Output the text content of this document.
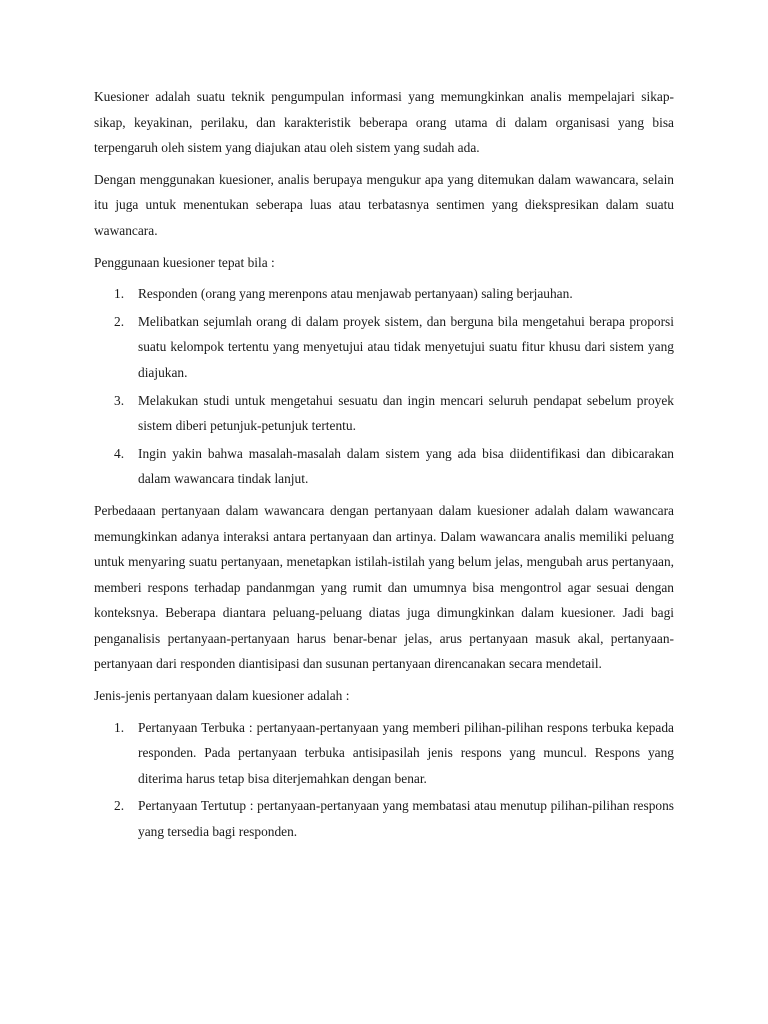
Kuesioner adalah suatu teknik pengumpulan informasi yang memungkinkan analis mempelajari sikap-sikap, keyakinan, perilaku, dan karakteristik beberapa orang utama di dalam organisasi yang bisa terpengaruh oleh sistem yang diajukan atau oleh sistem yang sudah ada.

Dengan menggunakan kuesioner, analis berupaya mengukur apa yang ditemukan dalam wawancara, selain itu juga untuk menentukan seberapa luas atau terbatasnya sentimen yang diekspresikan dalam suatu wawancara.

Penggunaan kuesioner tepat bila :

1. Responden (orang yang merenpons atau menjawab pertanyaan) saling berjauhan.
2. Melibatkan sejumlah orang di dalam proyek sistem, dan berguna bila mengetahui berapa proporsi suatu kelompok tertentu yang menyetujui atau tidak menyetujui suatu fitur khusu dari sistem yang diajukan.
3. Melakukan studi untuk mengetahui sesuatu dan ingin mencari seluruh pendapat sebelum proyek sistem diberi petunjuk-petunjuk tertentu.
4. Ingin yakin bahwa masalah-masalah dalam sistem yang ada bisa diidentifikasi dan dibicarakan dalam wawancara tindak lanjut.

Perbedaaan pertanyaan dalam wawancara dengan pertanyaan dalam kuesioner adalah dalam wawancara memungkinkan adanya interaksi antara pertanyaan dan artinya. Dalam wawancara analis memiliki peluang untuk menyaring suatu pertanyaan, menetapkan istilah-istilah yang belum jelas, mengubah arus pertanyaan, memberi respons terhadap pandanmgan yang rumit dan umumnya bisa mengontrol agar sesuai dengan konteksnya. Beberapa diantara peluang-peluang diatas juga dimungkinkan dalam kuesioner. Jadi bagi penganalisis pertanyaan-pertanyaan harus benar-benar jelas, arus pertanyaan masuk akal, pertanyaan-pertanyaan dari responden diantisipasi dan susunan pertanyaan direncanakan secara mendetail.

Jenis-jenis pertanyaan dalam kuesioner adalah :

1. Pertanyaan Terbuka : pertanyaan-pertanyaan yang memberi pilihan-pilihan respons terbuka kepada responden. Pada pertanyaan terbuka antisipasilah jenis respons yang muncul. Respons yang diterima harus tetap bisa diterjemahkan dengan benar.
2. Pertanyaan Tertutup : pertanyaan-pertanyaan yang membatasi atau menutup pilihan-pilihan respons yang tersedia bagi responden.
